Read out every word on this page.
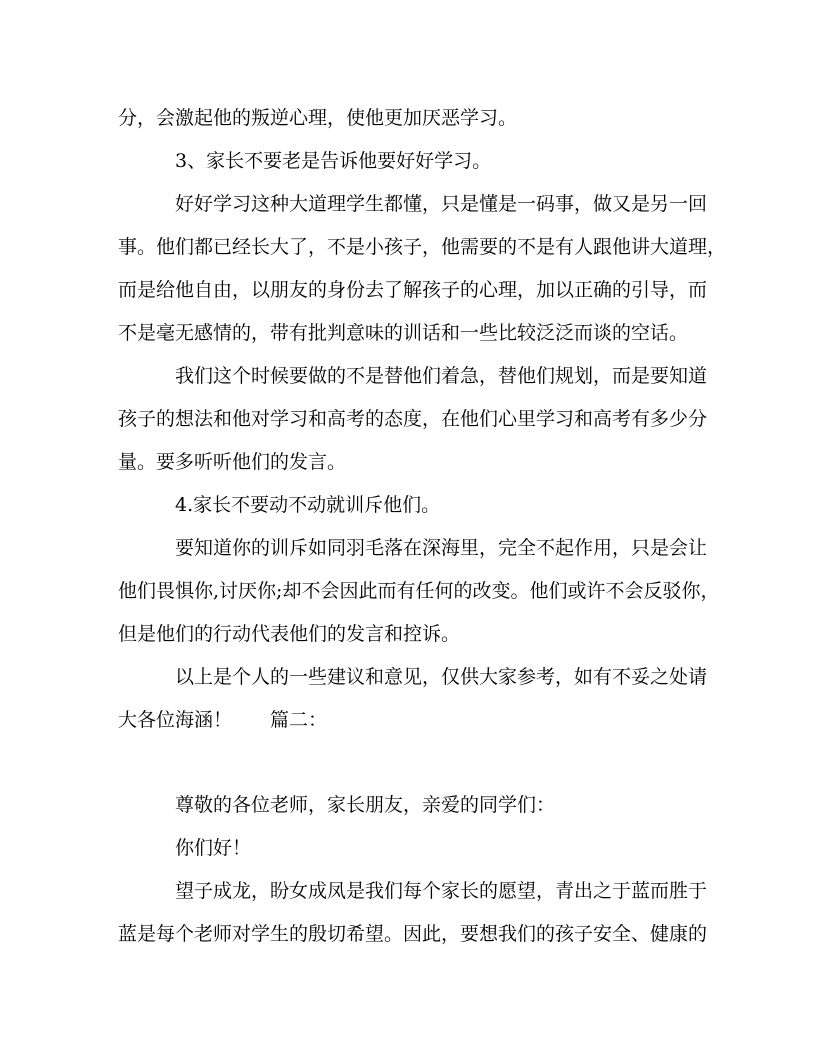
分，会激起他的叛逆心理，使他更加厌恶学习。

3、家长不要老是告诉他要好好学习。

好好学习这种大道理学生都懂，只是懂是一码事，做又是另一回

事。他们都已经长大了，不是小孩子，他需要的不是有人跟他讲大道理，

而是给他自由，以朋友的身份去了解孩子的心理，加以正确的引导，而

不是毫无感情的，带有批判意味的训话和一些比较泛泛而谈的空话。

我们这个时候要做的不是替他们着急，替他们规划，而是要知道

孩子的想法和他对学习和高考的态度，在他们心里学习和高考有多少分

量。要多听听他们的发言。

4.家长不要动不动就训斥他们。

要知道你的训斥如同羽毛落在深海里，完全不起作用，只是会让

他们畏惧你,讨厌你;却不会因此而有任何的改变。他们或许不会反驳你，

但是他们的行动代表他们的发言和控诉。

以上是个人的一些建议和意见，仅供大家参考，如有不妥之处请

大各位海涵！ 篇二：

尊敬的各位老师，家长朋友，亲爱的同学们：

你们好！

望子成龙，盼女成凤是我们每个家长的愿望，青出之于蓝而胜于

蓝是每个老师对学生的殷切希望。因此，要想我们的孩子安全、健康的
